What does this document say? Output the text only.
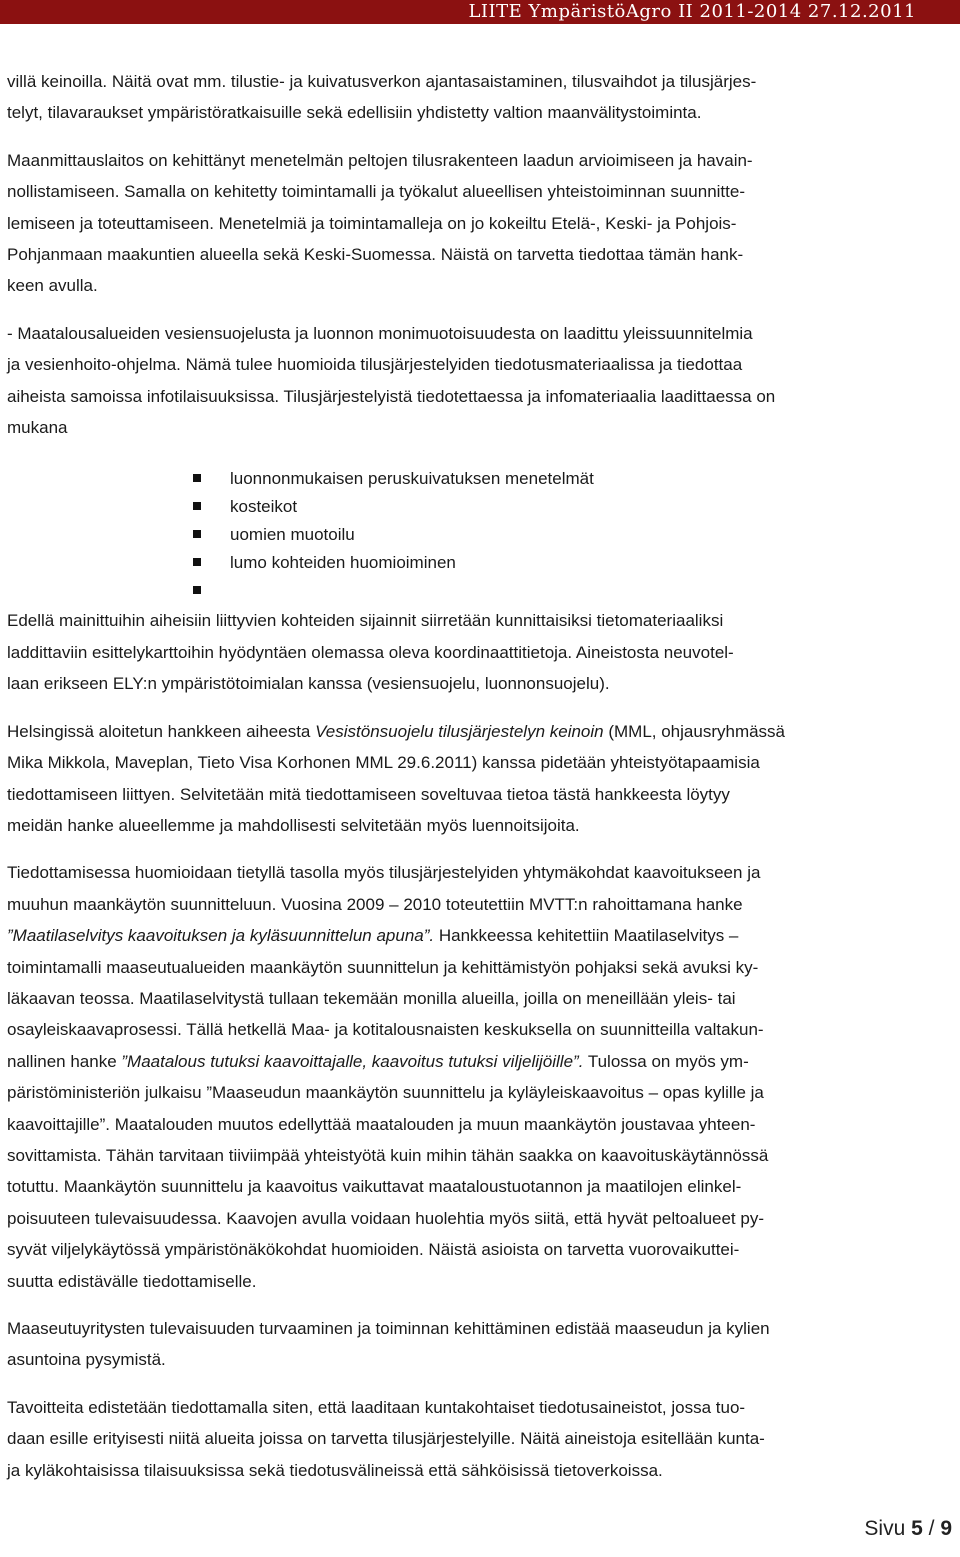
LIITE YmpäristöAgro II 2011-2014 27.12.2011

villä keinoilla. Näitä ovat mm. tilustie- ja kuivatusverkon ajantasaistaminen, tilusvaihdot ja tilusjärjes-
telyt, tilavaraukset ympäristöratkaisuille sekä edellisiin yhdistetty valtion maanvälitystoiminta.

Maanmittauslaitos on kehittänyt menetelmän peltojen tilusrakenteen laadun arvioimiseen ja havain-
nollistamiseen. Samalla on kehitetty toimintamalli ja työkalut alueellisen yhteistoiminnan suunnitte-
lemiseen ja toteuttamiseen. Menetelmiä ja toimintamalleja on jo kokeiltu Etelä-, Keski- ja Pohjois-
Pohjanmaan maakuntien alueella sekä Keski-Suomessa. Näistä on tarvetta tiedottaa tämän hank-
keen avulla.

- Maatalousalueiden vesiensuojelusta ja luonnon monimuotoisuudesta on laadittu yleissuunnitelmia
ja vesienhoito-ohjelma. Nämä tulee huomioida tilusjärjestelyiden tiedotusmateriaalissa ja tiedottaa
aiheista samoissa infotilaisuuksissa. Tilusjärjestelyistä tiedotettaessa ja infomateriaalia laadittaessa on
mukana

luonnonmukaisen peruskuivatuksen menetelmät
kosteikot
uomien muotoilu
lumo kohteiden huomioiminen

Edellä mainittuihin aiheisiin liittyvien kohteiden sijainnit siirretään kunnittaisiksi tietomateriaaliksi
laddittaviin esittelykarttoihin hyödyntäen olemassa oleva koordinaattitietoja. Aineistosta neuvotel-
laan erikseen ELY:n ympäristötoimialan kanssa (vesiensuojelu, luonnonsuojelu).

Helsingissä aloitetun hankkeen aiheesta Vesistönsuojelu tilusjärjestelyn keinoin (MML, ohjausryhmässä
Mika Mikkola, Maveplan, Tieto Visa Korhonen MML 29.6.2011) kanssa pidetään yhteistyötapaamisia
tiedottamiseen liittyen. Selvitetään mitä tiedottamiseen soveltuvaa tietoa tästä hankkeesta löytyy
meidän hanke alueellemme ja mahdollisesti selvitetään myös luennoitsijoita.

Tiedottamisessa huomioidaan tietyllä tasolla myös tilusjärjestelyiden yhtymäkohdat kaavoitukseen ja
muuhun maankäytön suunnitteluun. Vuosina 2009 – 2010 toteutettiin MVTT:n rahoittamana hanke
”Maatilaselvitys kaavoituksen ja kyläsuunnittelun apuna”. Hankkeessa kehitettiin Maatilaselvitys –
toimintamalli maaseutualueiden maankäytön suunnittelun ja kehittämistyön pohjaksi sekä avuksi ky-
läkaavan teossa. Maatilaselvitystä tullaan tekemään monilla alueilla, joilla on meneillään yleis- tai
osayleiskaavaprosessi. Tällä hetkellä Maa- ja kotitalousnaisten keskuksella on suunnitteilla valtakun-
nallinen hanke ”Maatalous tutuksi kaavoittajalle, kaavoitus tutuksi viljelijöille”. Tulossa on myös ym-
päristöministeriön julkaisu ”Maaseudun maankäytön suunnittelu ja kyläyleiskaavoitus – opas kylille ja
kaavoittajille”. Maatalouden muutos edellyttää maatalouden ja muun maankäytön joustavaa yhteen-
sovittamista. Tähän tarvitaan tiiviimpää yhteistyötä kuin mihin tähän saakka on kaavoituskäytännössä
totuttu. Maankäytön suunnittelu ja kaavoitus vaikuttavat maataloustuotannon ja maatilojen elinkel-
poisuuteen tulevaisuudessa. Kaavojen avulla voidaan huolehtia myös siitä, että hyvät peltoalueet py-
syvät viljelykäytössä ympäristönäkökohdat huomioiden. Näistä asioista on tarvetta vuorovaikuttei-
suutta edistävälle tiedottamiselle.

Maaseutuyritysten tulevaisuuden turvaaminen ja toiminnan kehittäminen edistää maaseudun ja kylien
asuntoina pysymistä.

Tavoitteita edistetään tiedottamalla siten, että laaditaan kuntakohtaiset tiedotusaineistot, jossa tuo-
daan esille erityisesti niitä alueita joissa on tarvetta tilusjärjestelyille. Näitä aineistoja esitellään kunta-
ja kyläkohtaisissa tilaisuuksissa sekä tiedotusvälineissä että sähköisissä tietoverkoissa.

Sivu 5 / 9
